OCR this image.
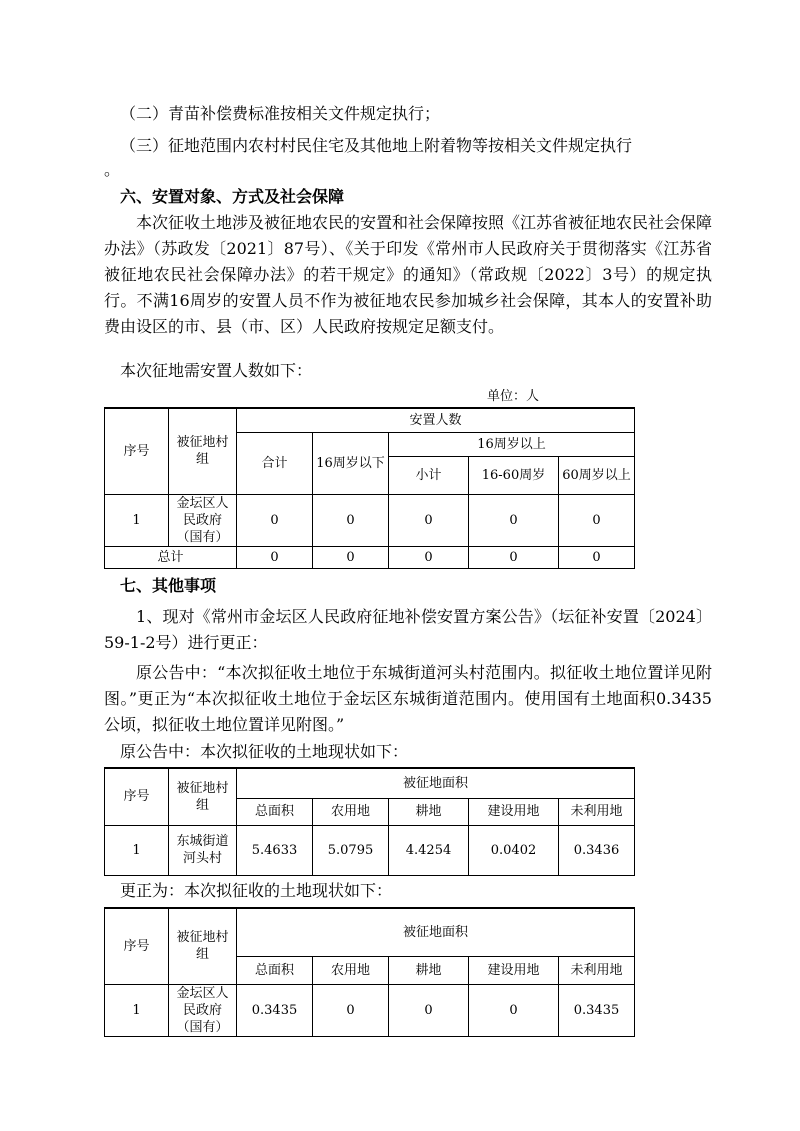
（二）青苗补偿费标准按相关文件规定执行；
（三）征地范围内农村村民住宅及其他地上附着物等按相关文件规定执行
。
六、安置对象、方式及社会保障
本次征收土地涉及被征地农民的安置和社会保障按照《江苏省被征地农民社会保障办法》（苏政发〔2021〕87号）、《关于印发《常州市人民政府关于贯彻落实《江苏省被征地农民社会保障办法》的若干规定》的通知》（常政规〔2022〕3号）的规定执行。不满16周岁的安置人员不作为被征地农民参加城乡社会保障，其本人的安置补助费由设区的市、县（市、区）人民政府按规定足额支付。
本次征地需安置人数如下：
单位：人
序号	被征地村组	安置人数				
		合计	16周岁以下	16周岁以上		
				小计	16-60周岁	60周岁以上
1	金坛区人民政府（国有）	0	0	0	0	0
总计		0	0	0	0	0
七、其他事项
1、现对《常州市金坛区人民政府征地补偿安置方案公告》（坛征补安置〔2024〕59-1-2号）进行更正：
原公告中：“本次拟征收土地位于东城街道河头村范围内。拟征收土地位置详见附图。”更正为“本次拟征收土地位于金坛区东城街道范围内。使用国有土地面积0.3435公顷，拟征收土地位置详见附图。”
原公告中：本次拟征收的土地现状如下：
序号	被征地村组	被征地面积				
		总面积	农用地	耕地	建设用地	未利用地
1	东城街道河头村	5.4633	5.0795	4.4254	0.0402	0.3436
更正为：本次拟征收的土地现状如下：
序号	被征地村组	被征地面积				
		总面积	农用地	耕地	建设用地	未利用地
1	金坛区人民政府（国有）	0.3435	0	0	0	0.3435
